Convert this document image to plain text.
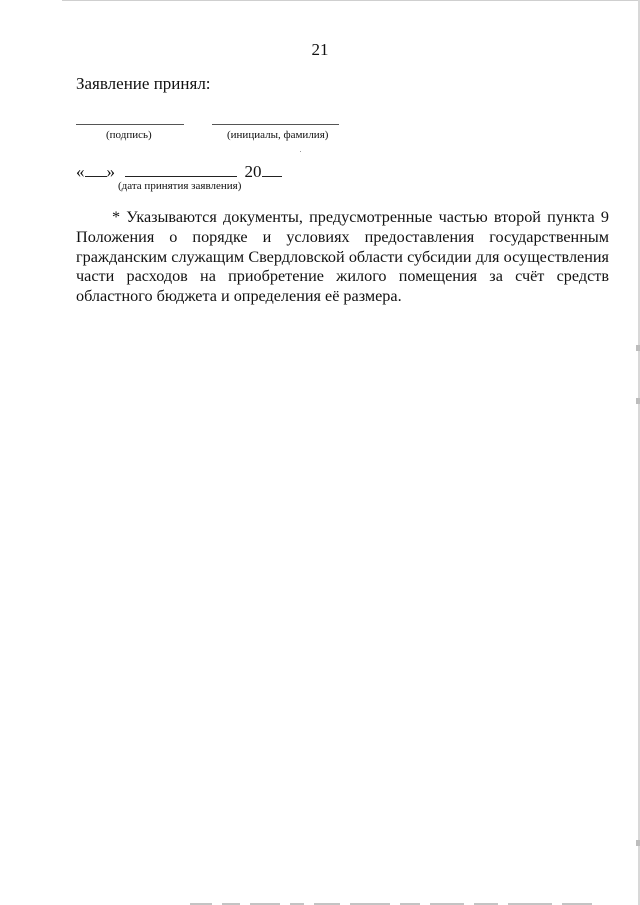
21
Заявление принял:
(подпись)	(инициалы, фамилия)
« »	20
(дата принятия заявления)
* Указываются документы, предусмотренные частью второй пункта 9 Положения о порядке и условиях предоставления государственным гражданским служащим Свердловской области субсидии для осуществления части расходов на приобретение жилого помещения за счёт средств областного бюджета и определения её размера.
